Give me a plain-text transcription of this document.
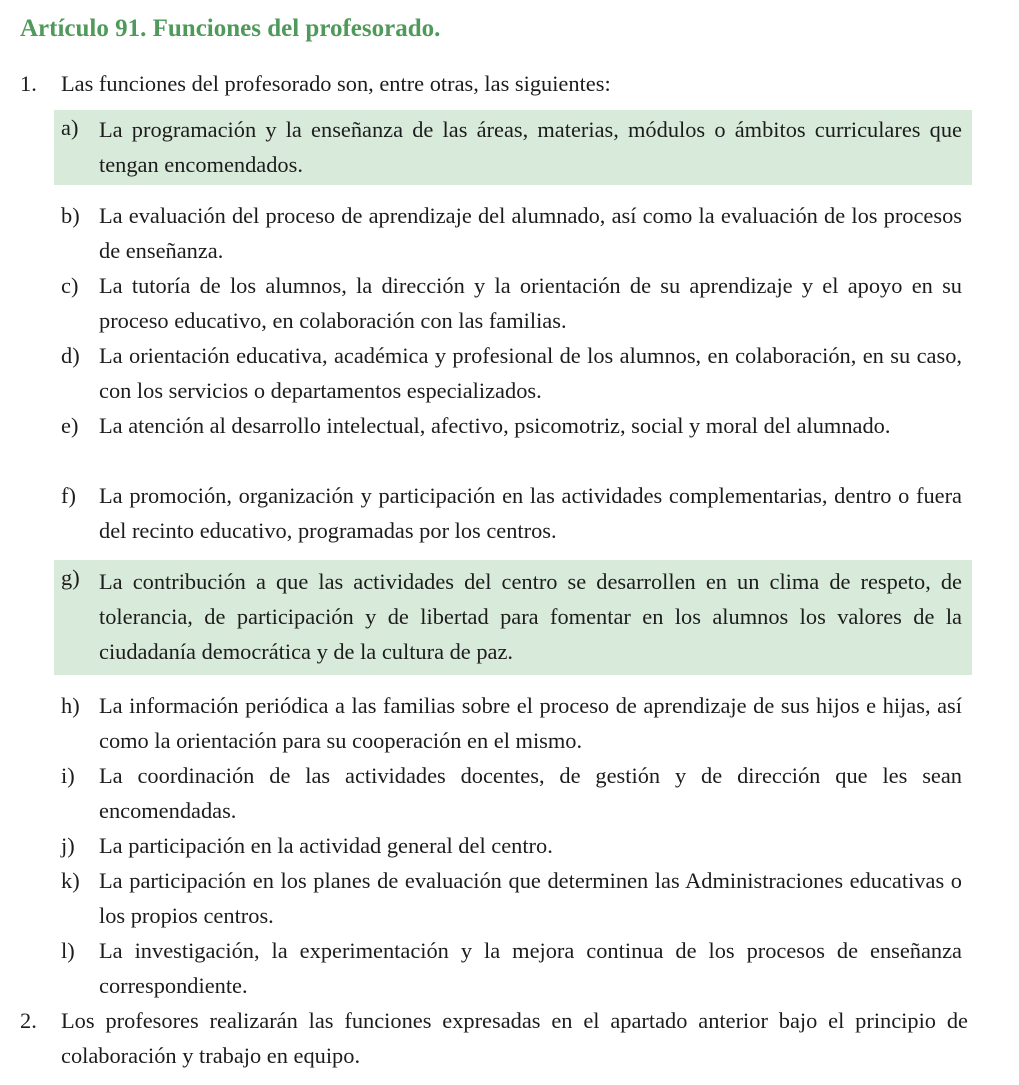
Artículo 91. Funciones del profesorado.
1. Las funciones del profesorado son, entre otras, las siguientes:
a) La programación y la enseñanza de las áreas, materias, módulos o ámbitos curriculares que tengan encomendados.
b) La evaluación del proceso de aprendizaje del alumnado, así como la evaluación de los procesos de enseñanza.
c) La tutoría de los alumnos, la dirección y la orientación de su aprendizaje y el apoyo en su proceso educativo, en colaboración con las familias.
d) La orientación educativa, académica y profesional de los alumnos, en colaboración, en su caso, con los servicios o departamentos especializados.
e) La atención al desarrollo intelectual, afectivo, psicomotriz, social y moral del alumnado.
f) La promoción, organización y participación en las actividades complementarias, dentro o fuera del recinto educativo, programadas por los centros.
g) La contribución a que las actividades del centro se desarrollen en un clima de respeto, de tolerancia, de participación y de libertad para fomentar en los alumnos los valores de la ciudadanía democrática y de la cultura de paz.
h) La información periódica a las familias sobre el proceso de aprendizaje de sus hijos e hijas, así como la orientación para su cooperación en el mismo.
i) La coordinación de las actividades docentes, de gestión y de dirección que les sean encomendadas.
j) La participación en la actividad general del centro.
k) La participación en los planes de evaluación que determinen las Administraciones educativas o los propios centros.
l) La investigación, la experimentación y la mejora continua de los procesos de enseñanza correspondiente.
2. Los profesores realizarán las funciones expresadas en el apartado anterior bajo el principio de colaboración y trabajo en equipo.
